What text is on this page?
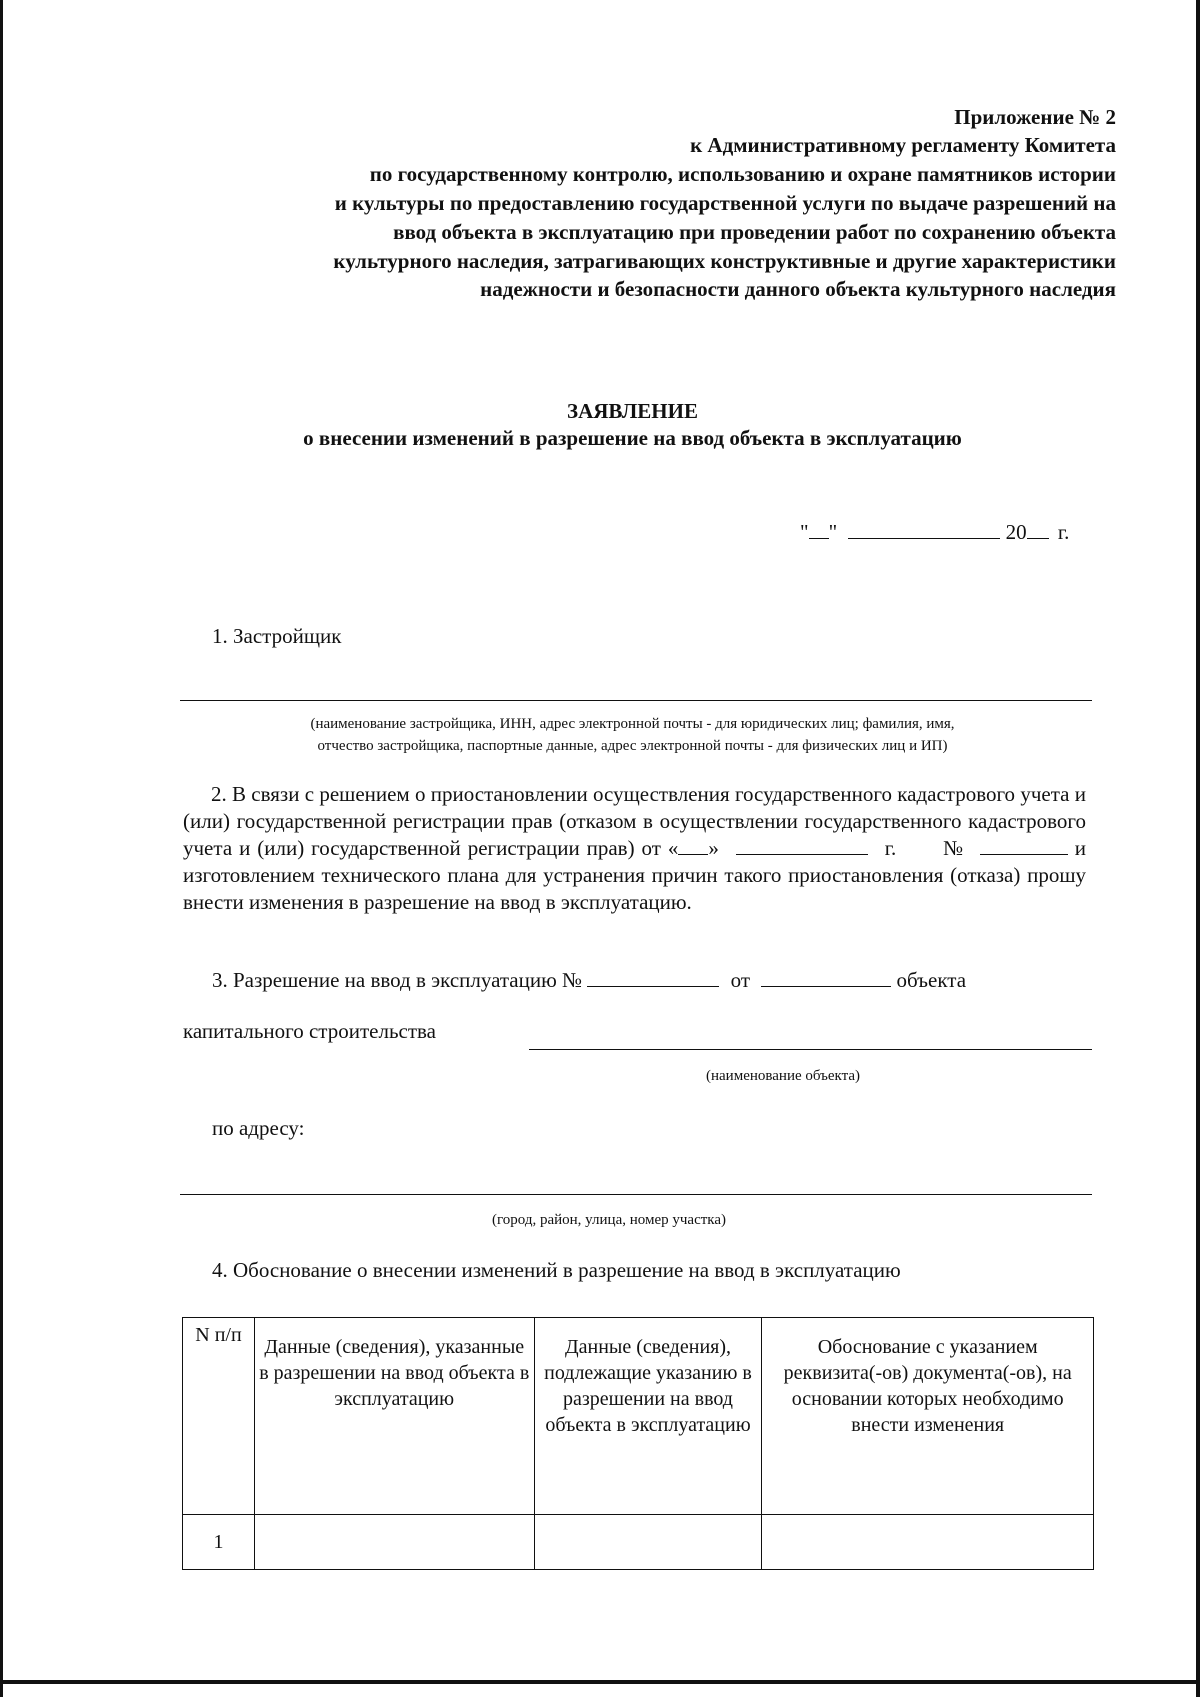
Приложение № 2
к Административному регламенту Комитета
по государственному контролю, использованию и охране памятников истории
и культуры по предоставлению государственной услуги по выдаче разрешений на
ввод объекта в эксплуатацию при проведении работ по сохранению объекта
культурного наследия, затрагивающих конструктивные и другие характеристики
надежности и безопасности данного объекта культурного наследия
ЗАЯВЛЕНИЕ
о внесении изменений в разрешение на ввод объекта в эксплуатацию
" "	20 г.
1. Застройщик
(наименование застройщика, ИНН, адрес электронной почты - для юридических лиц; фамилия, имя,
отчество застройщика, паспортные данные, адрес электронной почты - для физических лиц и ИП)
2. В связи с решением о приостановлении осуществления государственного кадастрового учета и (или) государственной регистрации прав (отказом в осуществлении государственного кадастрового учета и (или) государственной регистрации прав) от « »	г. №	и изготовлением технического плана для устранения причин такого приостановления (отказа) прошу внести изменения в разрешение на ввод в эксплуатацию.
3. Разрешение на ввод в эксплуатацию №	от	объекта
капитального строительства
(наименование объекта)
по адресу:
(город, район, улица, номер участка)
4. Обоснование о внесении изменений в разрешение на ввод в эксплуатацию
N п/п	Данные (сведения), указанные в разрешении на ввод объекта в эксплуатацию	Данные (сведения), подлежащие указанию в разрешении на ввод объекта в эксплуатацию	Обоснование с указанием реквизита(-ов) документа(-ов), на основании которых необходимо внести изменения
1			
